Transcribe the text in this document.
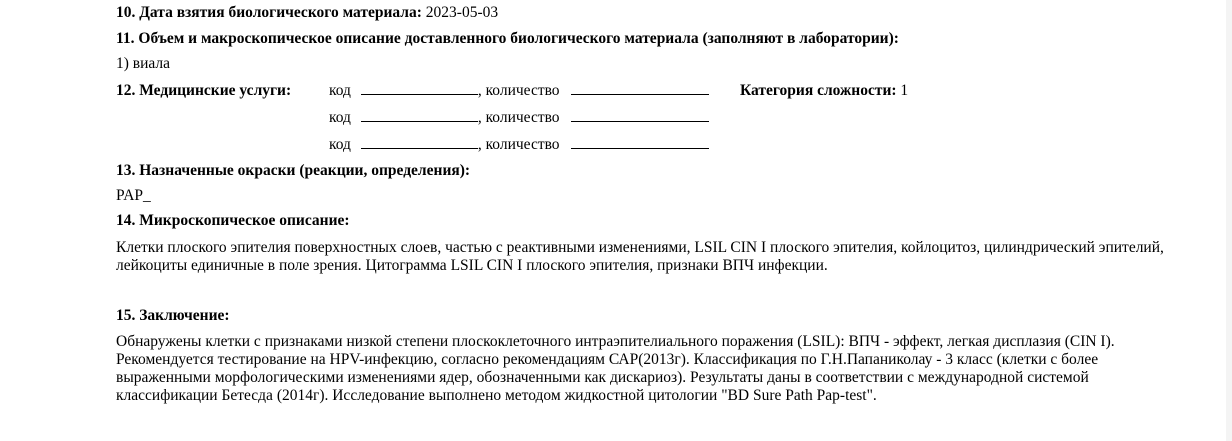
10. Дата взятия биологического материала: 2023-05-03
11. Объем и макроскопическое описание доставленного биологического материала (заполняют в лаборатории):
1) виала
12. Медицинские услуги: код	, количество	Категория сложности: 1
код	, количество
код	, количество
13. Назначенные окраски (реакции, определения):
PAP_
14. Микроскопическое описание:
Клетки плоского эпителия поверхностных слоев, частью с реактивными изменениями, LSIL CIN I плоского эпителия, койлоцитоз, цилиндрический эпителий, лейкоциты единичные в поле зрения. Цитограмма LSIL CIN I плоского эпителия, признаки ВПЧ инфекции.
15. Заключение:
Обнаружены клетки с признаками низкой степени плоскоклеточного интраэпителиального поражения (LSIL): ВПЧ - эффект, легкая дисплазия (CIN I). Рекомендуется тестирование на HPV-инфекцию, согласно рекомендациям САР(2013г). Классификация по Г.Н.Папаниколау - 3 класс (клетки с более выраженными морфологическими изменениями ядер, обозначенными как дискариоз). Результаты даны в соответствии с международной системой классификации Бетесда (2014г). Исследование выполнено методом жидкостной цитологии "BD Sure Path Pap-test".
